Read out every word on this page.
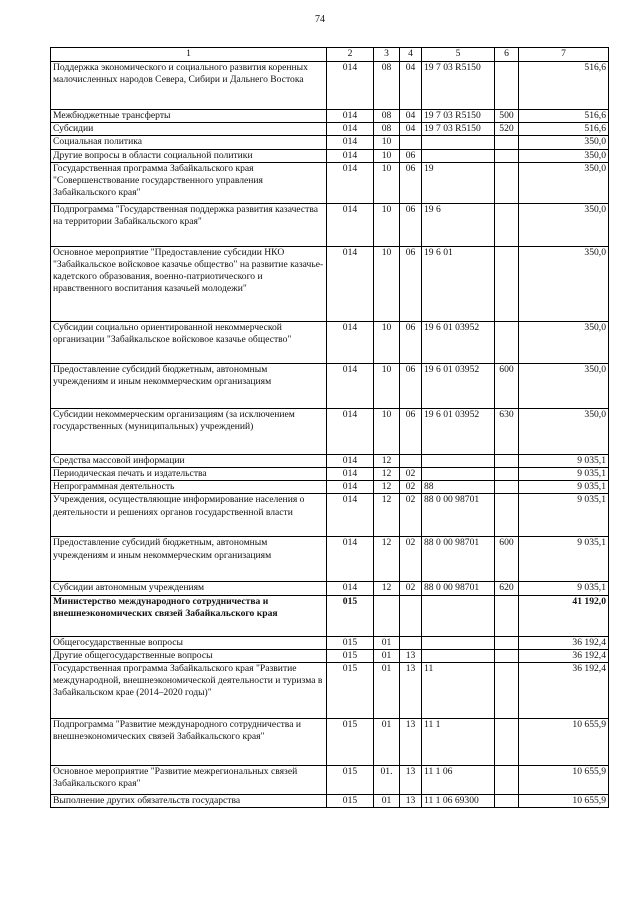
74
1	2	3	4	5	6	7
Поддержка экономического и социального развития коренных малочисленных народов Севера, Сибири и Дальнего Востока	014	08	04	19 7 03 R5150		516,6
Межбюджетные трансферты	014	08	04	19 7 03 R5150	500	516,6
Субсидии	014	08	04	19 7 03 R5150	520	516,6
Социальная политика	014	10				350,0
Другие вопросы в области социальной политики	014	10	06			350,0
Государственная программа Забайкальского края "Совершенствование государственного управления Забайкальского края"	014	10	06	19		350,0
Подпрограмма "Государственная поддержка развития казачества на территории Забайкальского края"	014	10	06	19 6		350,0
Основное мероприятие "Предоставление субсидии НКО "Забайкальское войсковое казачье общество" на развитие казачье-кадетского образования, военно-патриотического и нравственного воспитания казачьей молодежи"	014	10	06	19 6 01		350,0
Субсидии социально ориентированной некоммерческой организации "Забайкальское войсковое казачье общество"	014	10	06	19 6 01 03952		350,0
Предоставление субсидий бюджетным, автономным учреждениям и иным некоммерческим организациям	014	10	06	19 6 01 03952	600	350,0
Субсидии некоммерческим организациям (за исключением государственных (муниципальных) учреждений)	014	10	06	19 6 01 03952	630	350,0
Средства массовой информации	014	12				9 035,1
Периодическая печать и издательства	014	12	02			9 035,1
Непрограммная деятельность	014	12	02	88		9 035,1
Учреждения, осуществляющие информирование населения о деятельности и решениях органов государственной власти	014	12	02	88 0 00 98701		9 035,1
Предоставление субсидий бюджетным, автономным учреждениям и иным некоммерческим организациям	014	12	02	88 0 00 98701	600	9 035,1
Субсидии автономным учреждениям	014	12	02	88 0 00 98701	620	9 035,1
Министерство международного сотрудничества и внешнеэкономических связей Забайкальского края	015					41 192,0
Общегосударственные вопросы	015	01				36 192,4
Другие общегосударственные вопросы	015	01	13			36 192,4
Государственная программа Забайкальского края "Развитие международной, внешнеэкономической деятельности и туризма в Забайкальском крае (2014–2020 годы)"	015	01	13	11		36 192,4
Подпрограмма "Развитие международного сотрудничества и внешнеэкономических связей Забайкальского края"	015	01	13	11 1		10 655,9
Основное мероприятие "Развитие межрегиональных связей Забайкальского края"	015	01.	13	11 1 06		10 655,9
Выполнение других обязательств государства	015	01	13	11 1 06 69300		10 655,9
